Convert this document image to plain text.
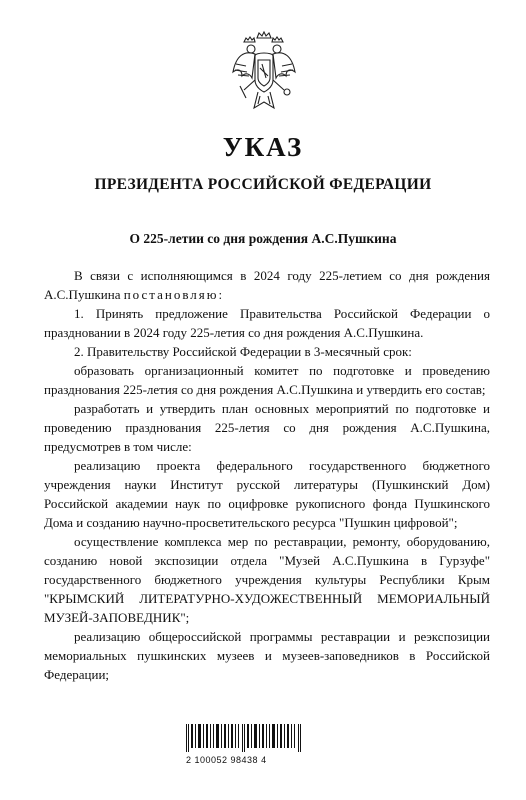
УКАЗ
ПРЕЗИДЕНТА РОССИЙСКОЙ ФЕДЕРАЦИИ
О 225-летии со дня рождения А.С.Пушкина

В связи с исполняющимся в 2024 году 225-летием со дня рождения А.С.Пушкина постановляю:

1. Принять предложение Правительства Российской Федерации о праздновании в 2024 году 225-летия со дня рождения А.С.Пушкина.

2. Правительству Российской Федерации в 3-месячный срок:

образовать организационный комитет по подготовке и проведению празднования 225-летия со дня рождения А.С.Пушкина и утвердить его состав;

разработать и утвердить план основных мероприятий по подготовке и проведению празднования 225-летия со дня рождения А.С.Пушкина, предусмотрев в том числе:

реализацию проекта федерального государственного бюджетного учреждения науки Институт русской литературы (Пушкинский Дом) Российской академии наук по оцифровке рукописного фонда Пушкинского Дома и созданию научно-просветительского ресурса "Пушкин цифровой";

осуществление комплекса мер по реставрации, ремонту, оборудованию, созданию новой экспозиции отдела "Музей А.С.Пушкина в Гурзуфе" государственного бюджетного учреждения культуры Республики Крым "КРЫМСКИЙ ЛИТЕРАТУРНО-ХУДОЖЕСТВЕННЫЙ МЕМОРИАЛЬНЫЙ МУЗЕЙ-ЗАПОВЕДНИК";

реализацию общероссийской программы реставрации и реэкспозиции мемориальных пушкинских музеев и музеев-заповедников в Российской Федерации;

2 100052 98438 4
